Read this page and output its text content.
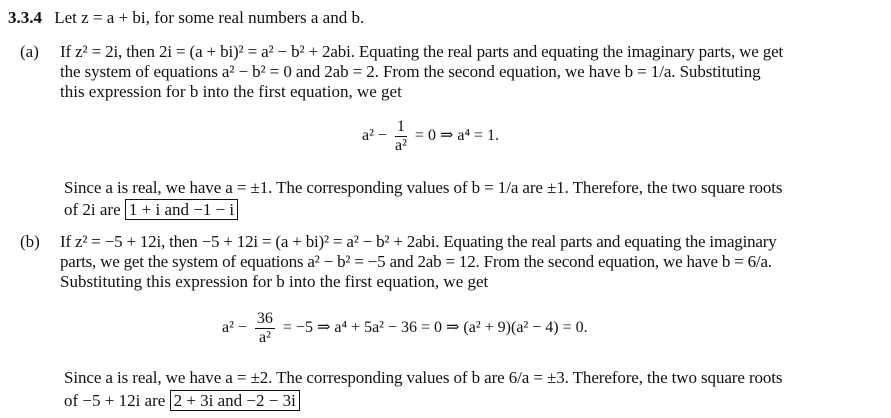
3.3.4 Let z = a + bi, for some real numbers a and b.
(a) If z² = 2i, then 2i = (a + bi)² = a² − b² + 2abi. Equating the real parts and equating the imaginary parts, we get
the system of equations a² − b² = 0 and 2ab = 2. From the second equation, we have b = 1/a. Substituting
this expression for b into the first equation, we get
$a^2 - \frac{1}{\text{a²}} = 0$ ⇒ a⁴ = 1.
Since a is real, we have a = ±1. The corresponding values of b = 1/a are ±1. Therefore, the two square roots
of 2i are 1 + i and −1 − i
(b) If z² = −5 + 12i, then −5 + 12i = (a + bi)² = a² − b² + 2abi. Equating the real parts and equating the imaginary
parts, we get the system of equations a² − b² = −5 and 2ab = 12. From the second equation, we have b = 6/a.
Substituting this expression for b into the first equation, we get
$a^2 - \frac{36}{\text{a²}} = -5$ ⇒ a⁴ + 5a² − 36 = 0 ⇒ (a² + 9)(a² − 4) = 0.
Since a is real, we have a = ±2. The corresponding values of b are 6/a = ±3. Therefore, the two square roots
of −5 + 12i are 2 + 3i and −2 − 3i
